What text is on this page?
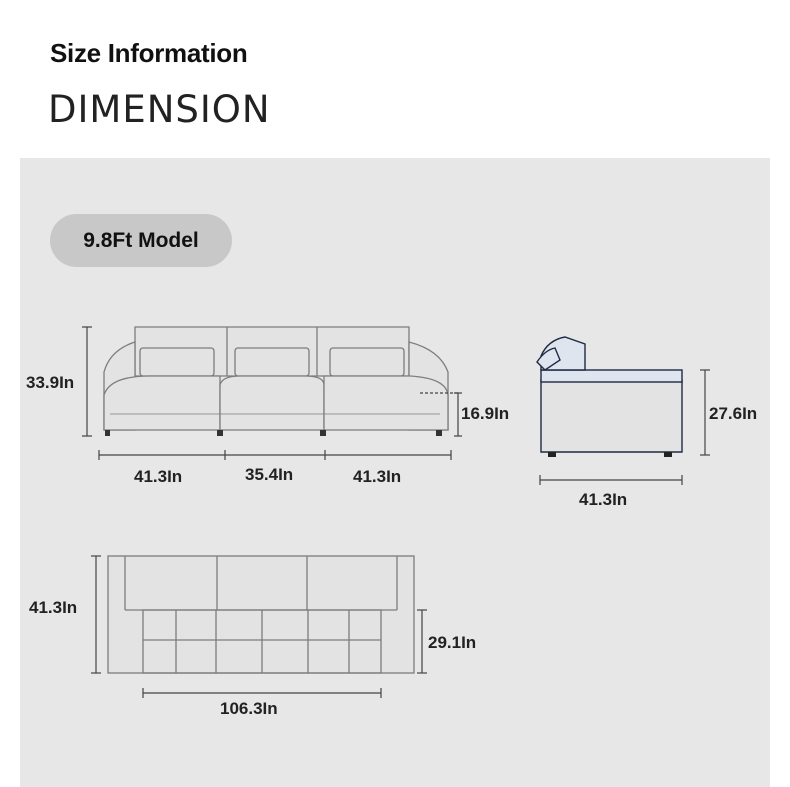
Size Information
DIMENSION
9.8Ft Model
33.9In
16.9In
41.3In	35.4In	41.3In
27.6In
41.3In
41.3In
29.1In
106.3In
